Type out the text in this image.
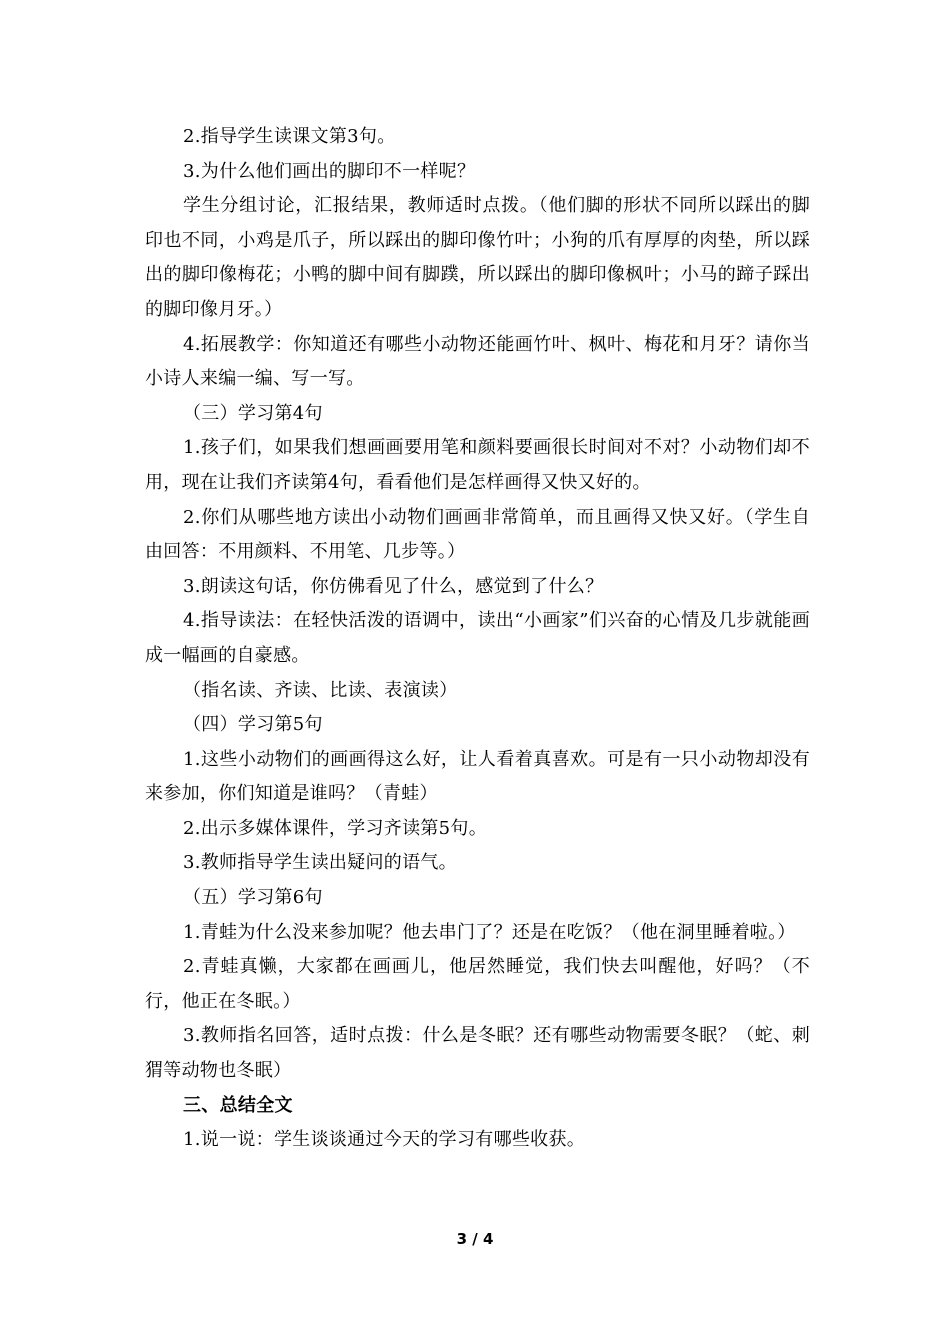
2.指导学生读课文第3句。

3.为什么他们画出的脚印不一样呢？

学生分组讨论，汇报结果，教师适时点拨。（他们脚的形状不同所以踩出的脚印也不同，小鸡是爪子，所以踩出的脚印像竹叶；小狗的爪有厚厚的肉垫，所以踩出的脚印像梅花；小鸭的脚中间有脚蹼，所以踩出的脚印像枫叶；小马的蹄子踩出的脚印像月牙。）

4.拓展教学：你知道还有哪些小动物还能画竹叶、枫叶、梅花和月牙？请你当小诗人来编一编、写一写。

（三）学习第4句

1.孩子们，如果我们想画画要用笔和颜料要画很长时间对不对？小动物们却不用，现在让我们齐读第4句，看看他们是怎样画得又快又好的。

2.你们从哪些地方读出小动物们画画非常简单，而且画得又快又好。（学生自由回答：不用颜料、不用笔、几步等。）

3.朗读这句话，你仿佛看见了什么，感觉到了什么？

4.指导读法：在轻快活泼的语调中，读出“小画家”们兴奋的心情及几步就能画成一幅画的自豪感。

（指名读、齐读、比读、表演读）

（四）学习第5句

1.这些小动物们的画画得这么好，让人看着真喜欢。可是有一只小动物却没有来参加，你们知道是谁吗？（青蛙）

2.出示多媒体课件，学习齐读第5句。

3.教师指导学生读出疑问的语气。

（五）学习第6句

1.青蛙为什么没来参加呢？他去串门了？还是在吃饭？（他在洞里睡着啦。）

2.青蛙真懒，大家都在画画儿，他居然睡觉，我们快去叫醒他，好吗？（不行，他正在冬眠。）

3.教师指名回答，适时点拨：什么是冬眠？还有哪些动物需要冬眠？（蛇、刺猬等动物也冬眠）

三、总结全文

1.说一说：学生谈谈通过今天的学习有哪些收获。

3 / 4
